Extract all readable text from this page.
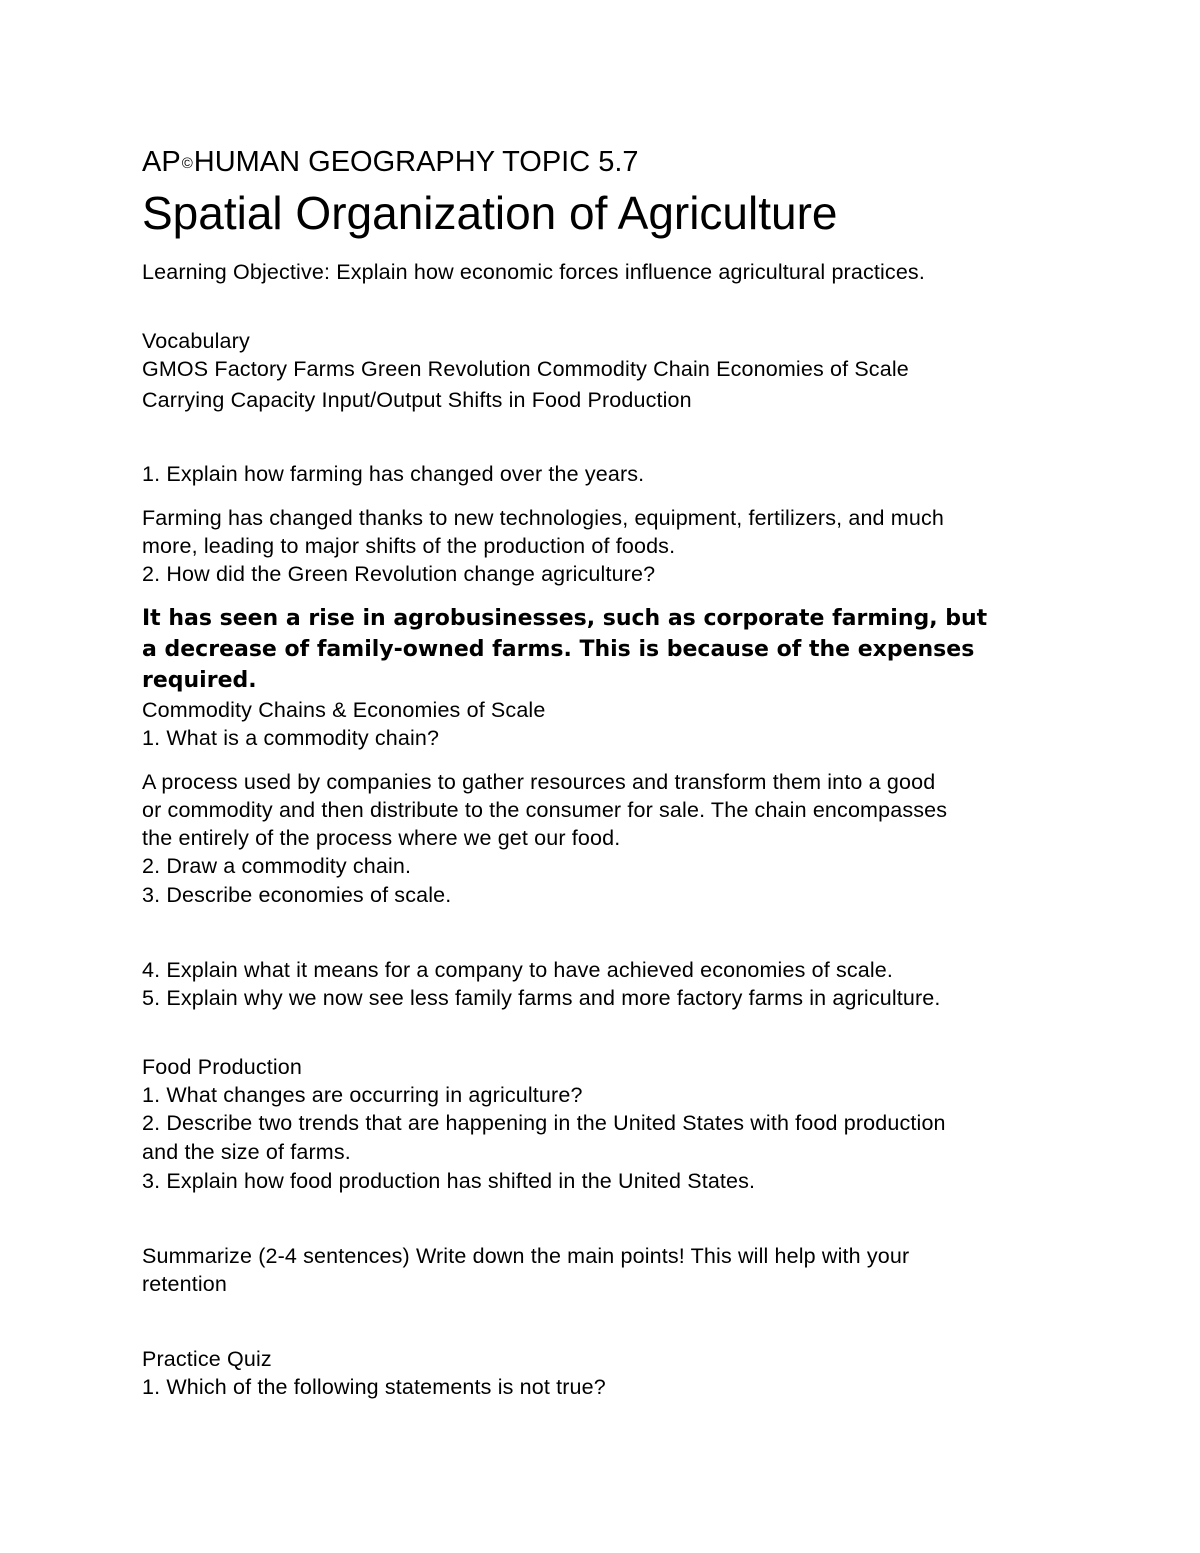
AP©HUMAN GEOGRAPHY TOPIC 5.7
Spatial Organization of Agriculture
Learning Objective: Explain how economic forces influence agricultural practices.
Vocabulary
GMOS Factory Farms Green Revolution Commodity Chain Economies of Scale
Carrying Capacity Input/Output Shifts in Food Production
1. Explain how farming has changed over the years.
Farming has changed thanks to new technologies, equipment, fertilizers, and much
more, leading to major shifts of the production of foods.
2. How did the Green Revolution change agriculture?
It has seen a rise in agrobusinesses, such as corporate farming, but
a decrease of family-owned farms. This is because of the expenses
required.
Commodity Chains & Economies of Scale
1. What is a commodity chain?
A process used by companies to gather resources and transform them into a good
or commodity and then distribute to the consumer for sale. The chain encompasses
the entirely of the process where we get our food.
2. Draw a commodity chain.
3. Describe economies of scale.
4. Explain what it means for a company to have achieved economies of scale.
5. Explain why we now see less family farms and more factory farms in agriculture.
Food Production
1. What changes are occurring in agriculture?
2. Describe two trends that are happening in the United States with food production
and the size of farms.
3. Explain how food production has shifted in the United States.
Summarize (2-4 sentences) Write down the main points! This will help with your
retention
Practice Quiz
1. Which of the following statements is not true?
